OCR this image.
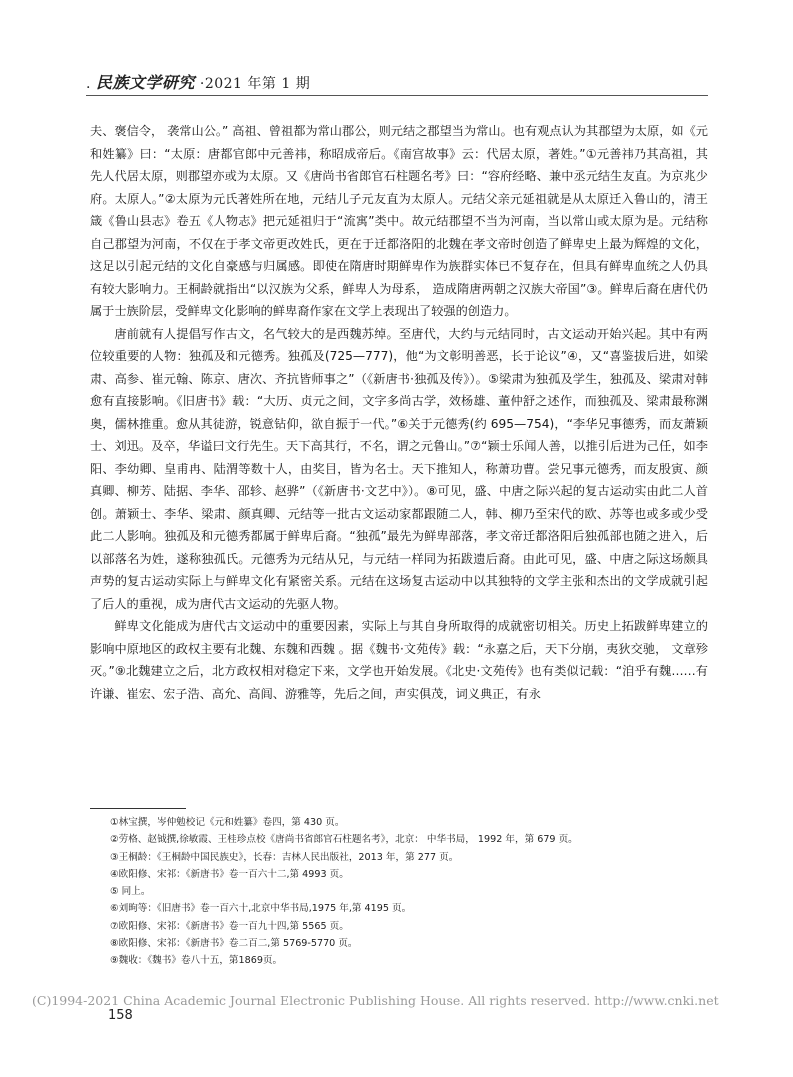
. 民族文学研究 ·2021 年第 1 期

夫、褒信令， 袭常山公。” 高祖、曾祖都为常山郡公，则元结之郡望当为常山。也有观点认为其郡望为太原，如《元和姓纂》曰：“太原：唐都官郎中元善祎，称昭成帝后。《南宫故事》云：代居太原，著姓。”①元善祎乃其高祖，其先人代居太原，则郡望亦或为太原。又《唐尚书省郎官石柱题名考》曰：“容府经略、兼中丞元结生友直。为京兆少府。太原人。”②太原为元氏著姓所在地，元结儿子元友直为太原人。元结父亲元延祖就是从太原迁入鲁山的，清王箴《鲁山县志》卷五《人物志》把元延祖归于“流寓”类中。故元结郡望不当为河南，当以常山或太原为是。元结称自己郡望为河南，不仅在于孝文帝更改姓氏，更在于迁都洛阳的北魏在孝文帝时创造了鲜卑史上最为辉煌的文化，这足以引起元结的文化自豪感与归属感。即使在隋唐时期鲜卑作为族群实体已不复存在，但具有鲜卑血统之人仍具有较大影响力。王桐龄就指出“以汉族为父系，鲜卑人为母系， 造成隋唐两朝之汉族大帝国”③。鲜卑后裔在唐代仍属于士族阶层，受鲜卑文化影响的鲜卑裔作家在文学上表现出了较强的创造力。

唐前就有人提倡写作古文，名气较大的是西魏苏绰。至唐代，大约与元结同时，古文运动开始兴起。其中有两位较重要的人物：独孤及和元德秀。独孤及(725—777)，他“为文彰明善恶，长于论议”④，又“喜鉴拔后进，如梁肃、高参、崔元翰、陈京、唐次、齐抗皆师事之”（《新唐书·独孤及传》）。⑤梁肃为独孤及学生，独孤及、梁肃对韩愈有直接影响。《旧唐书》载：“大历、贞元之间，文字多尚古学，效杨雄、董仲舒之述作，而独孤及、梁肃最称渊奥，儒林推重。愈从其徒游，锐意钻仰，欲自振于一代。”⑥关于元德秀(约 695—754)，“李华兄事德秀，而友萧颖士、刘迅。及卒，华谥曰文行先生。天下高其行，不名，谓之元鲁山。”⑦“颖士乐闻人善，以推引后进为己任，如李阳、李幼卿、皇甫冉、陆渭等数十人，由奖目，皆为名士。天下推知人，称萧功曹。尝兄事元德秀，而友殷寅、颜真卿、柳芳、陆据、李华、邵轸、赵骅”（《新唐书·文艺中》）。⑧可见，盛、中唐之际兴起的复古运动实由此二人首创。萧颖士、李华、梁肃、颜真卿、元结等一批古文运动家都跟随二人，韩、柳乃至宋代的欧、苏等也或多或少受此二人影响。独孤及和元德秀都属于鲜卑后裔。“独孤”最先为鲜卑部落，孝文帝迁都洛阳后独孤部也随之进入，后以部落名为姓，遂称独孤氏。元德秀为元结从兄，与元结一样同为拓跋遗后裔。由此可见，盛、中唐之际这场颇具声势的复古运动实际上与鲜卑文化有紧密关系。元结在这场复古运动中以其独特的文学主张和杰出的文学成就引起了后人的重视，成为唐代古文运动的先驱人物。

鲜卑文化能成为唐代古文运动中的重要因素，实际上与其自身所取得的成就密切相关。历史上拓跋鲜卑建立的影响中原地区的政权主要有北魏、东魏和西魏 。据《魏书·文苑传》载：“永嘉之后，天下分崩，夷狄交驰， 文章殄灭。”⑨北魏建立之后，北方政权相对稳定下来，文学也开始发展。《北史·文苑传》也有类似记载：“洎乎有魏……有许谦、崔宏、宏子浩、高允、高闾、游雅等，先后之间，声实俱茂，词义典正，有永

①林宝撰，岑仲勉校记《元和姓纂》卷四，第 430 页。
②劳格、赵钺撰,徐敏霞、王桂珍点校《唐尚书省郎官石柱题名考》，北京： 中华书局， 1992 年，第 679 页。
③王桐龄：《王桐龄中国民族史》，长春：吉林人民出版社，2013 年，第 277 页。
④欧阳修、宋祁：《新唐书》卷一百六十二,第 4993 页。
⑤ 同上。
⑥刘昫等：《旧唐书》卷一百六十,北京中华书局,1975 年,第 4195 页。
⑦欧阳修、宋祁：《新唐书》卷一百九十四,第 5565 页。
⑧欧阳修、宋祁：《新唐书》卷二百二,第 5769-5770 页。
⑨魏收：《魏书》卷八十五，第1869页。
(C)1994-2021 China Academic Journal Electronic Publishing House. All rights reserved. http://www.cnki.net
158
